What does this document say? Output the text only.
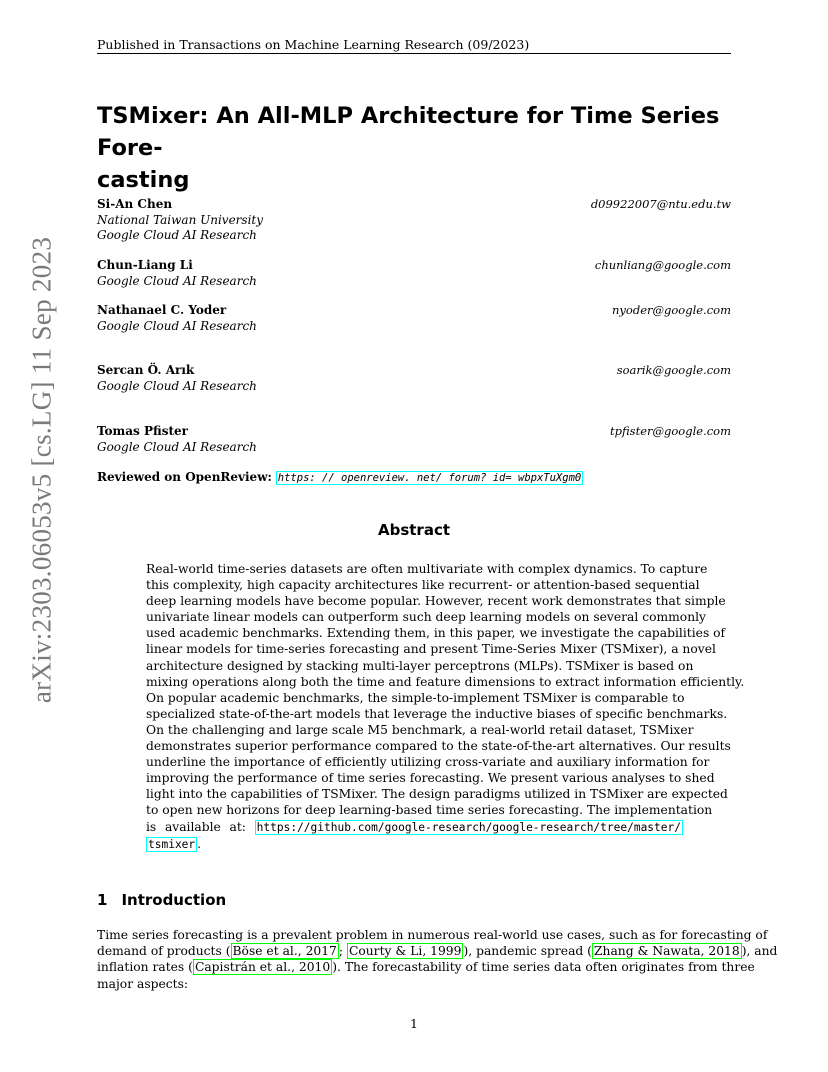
Published in Transactions on Machine Learning Research (09/2023)
arXiv:2303.06053v5 [cs.LG] 11 Sep 2023
TSMixer: An All-MLP Architecture for Time Series Fore-
casting
Si-An Chen
National Taiwan University
Google Cloud AI Research
d09922007@ntu.edu.tw
Chun-Liang Li
Google Cloud AI Research
chunliang@google.com
Nathanael C. Yoder
Google Cloud AI Research
nyoder@google.com
Sercan Ö. Arık
Google Cloud AI Research
soarik@google.com
Tomas Pfister
Google Cloud AI Research
tpfister@google.com
Reviewed on OpenReview: https: // openreview. net/ forum? id= wbpxTuXgm0
Abstract
Real-world time-series datasets are often multivariate with complex dynamics. To capture
this complexity, high capacity architectures like recurrent- or attention-based sequential
deep learning models have become popular. However, recent work demonstrates that simple
univariate linear models can outperform such deep learning models on several commonly
used academic benchmarks. Extending them, in this paper, we investigate the capabilities of
linear models for time-series forecasting and present Time-Series Mixer (TSMixer), a novel
architecture designed by stacking multi-layer perceptrons (MLPs). TSMixer is based on
mixing operations along both the time and feature dimensions to extract information efficiently.
On popular academic benchmarks, the simple-to-implement TSMixer is comparable to
specialized state-of-the-art models that leverage the inductive biases of specific benchmarks.
On the challenging and large scale M5 benchmark, a real-world retail dataset, TSMixer
demonstrates superior performance compared to the state-of-the-art alternatives. Our results
underline the importance of efficiently utilizing cross-variate and auxiliary information for
improving the performance of time series forecasting. We present various analyses to shed
light into the capabilities of TSMixer. The design paradigms utilized in TSMixer are expected
to open new horizons for deep learning-based time series forecasting. The implementation
is available at: https://github.com/google-research/google-research/tree/master/
tsmixer .
1 Introduction
Time series forecasting is a prevalent problem in numerous real-world use cases, such as for forecasting of
demand of products ( Böse et al., 2017 ; Courty & Li, 1999 ), pandemic spread ( Zhang & Nawata, 2018 ), and
inflation rates ( Capistrán et al., 2010 ). The forecastability of time series data often originates from three
major aspects:
1
